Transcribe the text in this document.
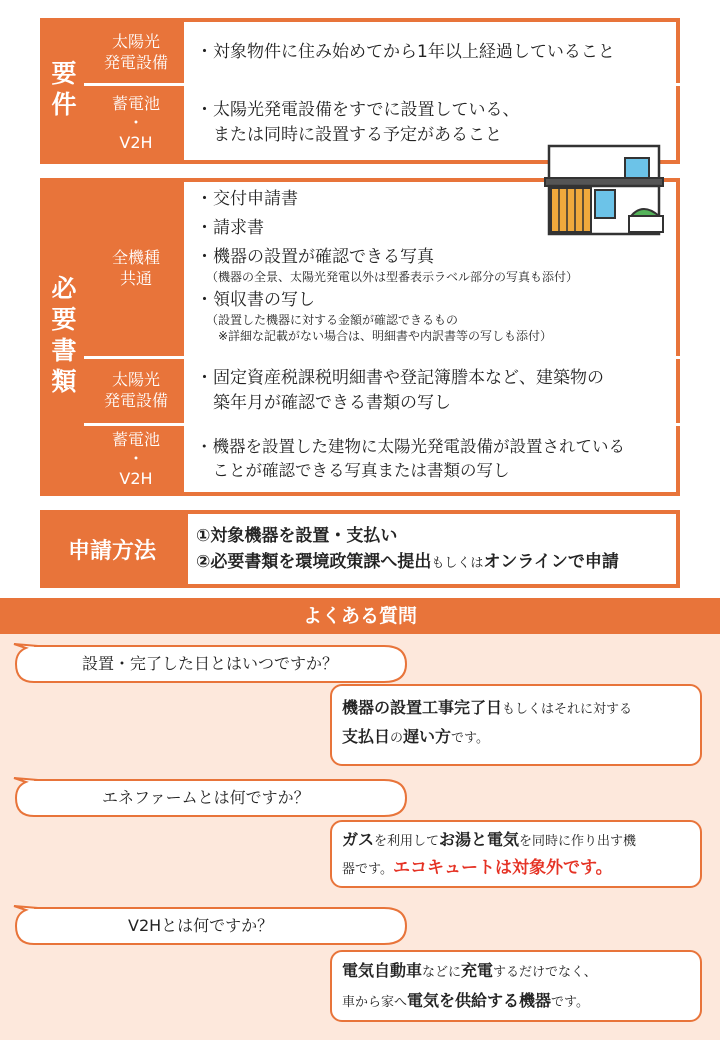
要件
太陽光
発電設備	・対象物件に住み始めてから1年以上経過していること
蓄電池
・
V2H
・太陽光発電設備をすでに設置している、
　または同時に設置する予定があること
必要書類
全機種
共通
・交付申請書
・請求書
・機器の設置が確認できる写真
（機器の全景、太陽光発電以外は型番表示ラベル部分の写真も添付）
・領収書の写し
（設置した機器に対する金額が確認できるもの
　※詳細な記載がない場合は、明細書や内訳書等の写しも添付）
太陽光
発電設備
・固定資産税課税明細書や登記簿謄本など、建築物の
　築年月が確認できる書類の写し
蓄電池
・
V2H
・機器を設置した建物に太陽光発電設備が設置されている
　ことが確認できる写真または書類の写し
申請方法
①対象機器を設置・支払い
②必要書類を環境政策課へ提出もしくはオンラインで申請
よくある質問
設置・完了した日とはいつですか？
機器の設置工事完了日もしくはそれに対する
支払日の遅い方です。
エネファームとは何ですか？
ガスを利用してお湯と電気を同時に作り出す機
器です。エコキュートは対象外です。
V2Hとは何ですか？
電気自動車などに充電するだけでなく、
車から家へ電気を供給する機器です。
